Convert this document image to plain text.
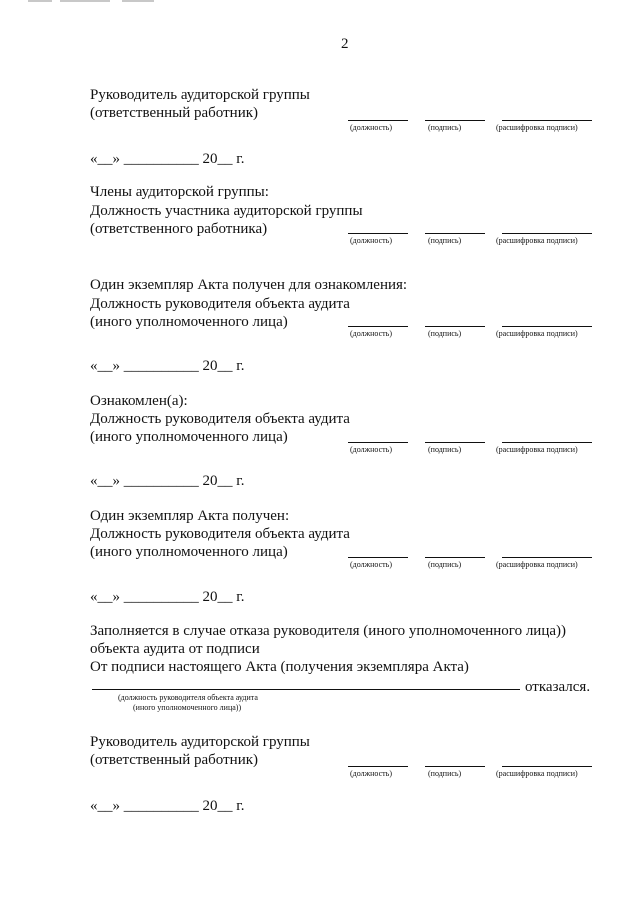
2
Руководитель аудиторской группы
(ответственный работник)
(должность)	(подпись)	(расшифровка подписи)
«__» __________ 20__ г.
Члены аудиторской группы:
Должность участника аудиторской группы
(ответственного работника)
(должность)	(подпись)	(расшифровка подписи)
Один экземпляр Акта получен для ознакомления:
Должность руководителя объекта аудита
(иного уполномоченного лица)
(должность)	(подпись)	(расшифровка подписи)
«__» __________ 20__ г.
Ознакомлен(а):
Должность руководителя объекта аудита
(иного уполномоченного лица)
(должность)	(подпись)	(расшифровка подписи)
«__» __________ 20__ г.
Один экземпляр Акта получен:
Должность руководителя объекта аудита
(иного уполномоченного лица)
(должность)	(подпись)	(расшифровка подписи)
«__» __________ 20__ г.
Заполняется в случае отказа руководителя (иного уполномоченного лица))
объекта аудита от подписи
От подписи настоящего Акта (получения экземпляра Акта)
отказался.
(должность руководителя объекта аудита
(иного уполномоченного лица))
Руководитель аудиторской группы
(ответственный работник)
(должность)	(подпись)	(расшифровка подписи)
«__» __________ 20__ г.
